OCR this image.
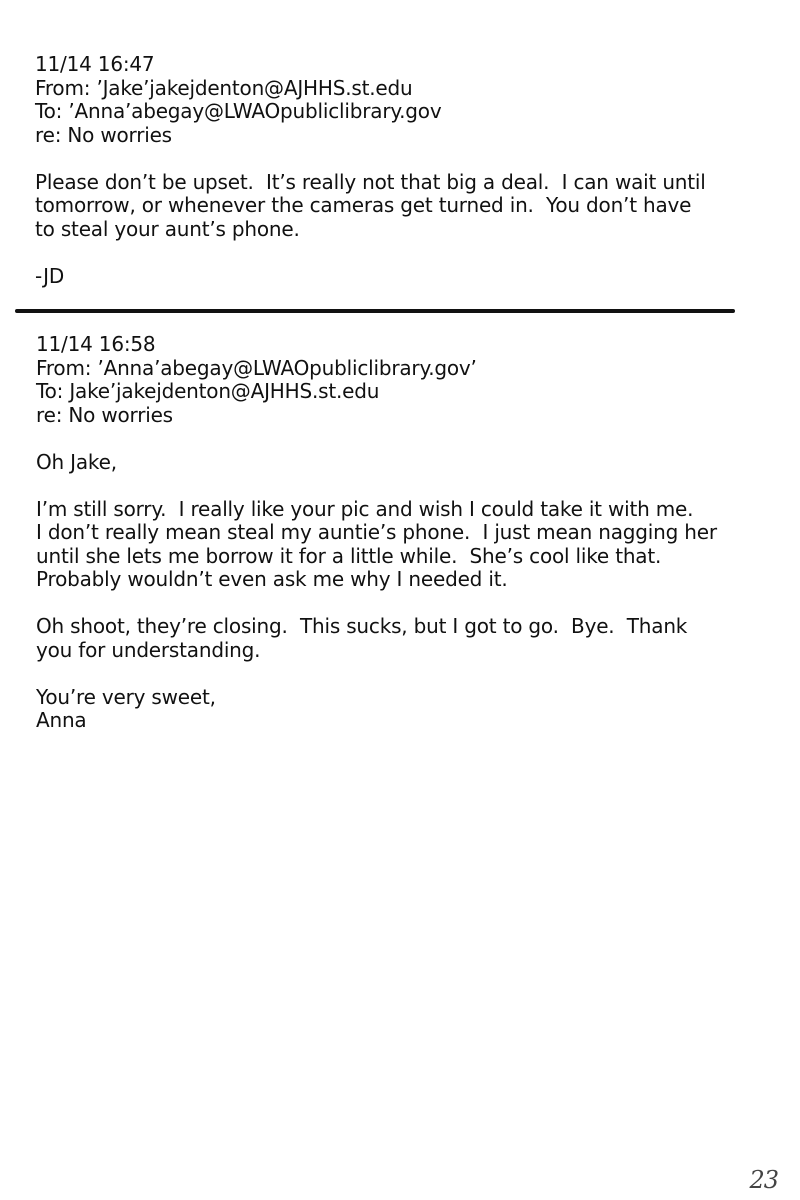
11/14 16:47
From: ’Jake’jakejdenton@AJHHS.st.edu
To: ’Anna’abegay@LWAOpubliclibrary.gov
re: No worries
Please don’t be upset.  It’s really not that big a deal.  I can wait until
tomorrow, or whenever the cameras get turned in.  You don’t have
to steal your aunt’s phone.
-JD
11/14 16:58
From: ’Anna’abegay@LWAOpubliclibrary.gov’
To: Jake’jakejdenton@AJHHS.st.edu
re: No worries
Oh Jake,
I’m still sorry.  I really like your pic and wish I could take it with me.
I don’t really mean steal my auntie’s phone.  I just mean nagging her
until she lets me borrow it for a little while.  She’s cool like that.
Probably wouldn’t even ask me why I needed it.
Oh shoot, they’re closing.  This sucks, but I got to go.  Bye.  Thank
you for understanding.
You’re very sweet,
Anna
23
